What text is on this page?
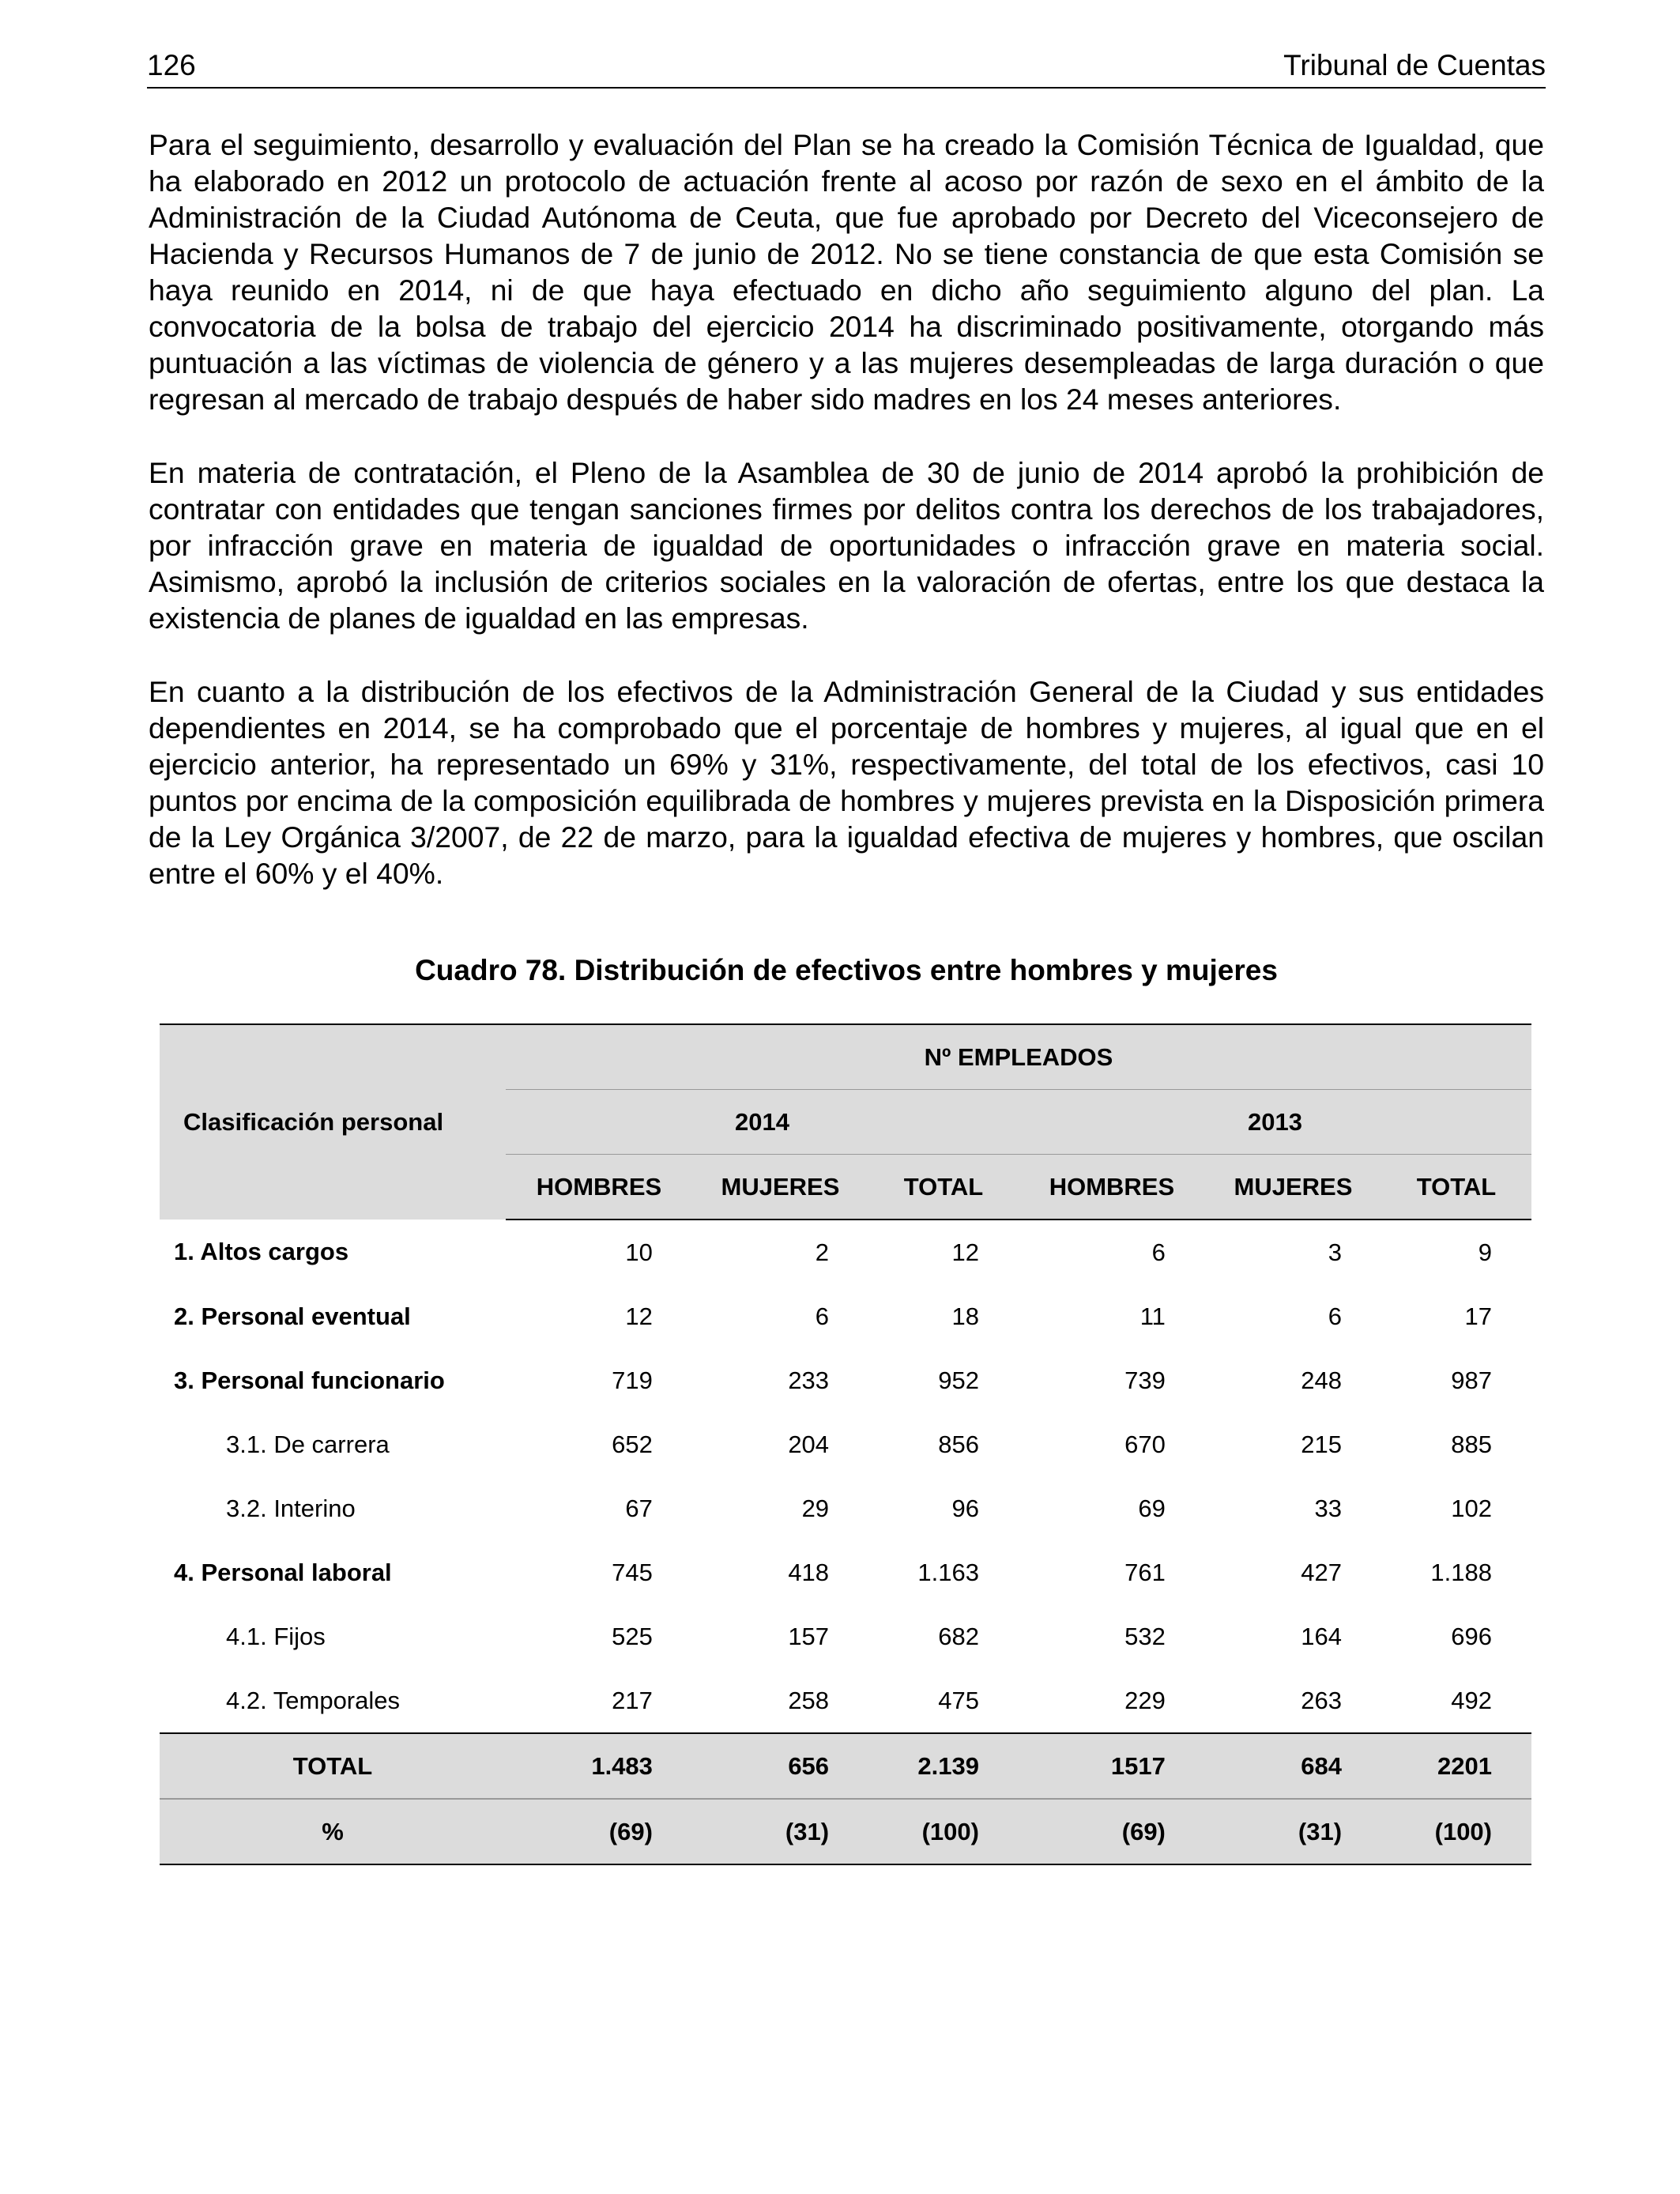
126	Tribunal de Cuentas

Para el seguimiento, desarrollo y evaluación del Plan se ha creado la Comisión Técnica de Igualdad, que ha elaborado en 2012 un protocolo de actuación frente al acoso por razón de sexo en el ámbito de la Administración de la Ciudad Autónoma de Ceuta, que fue aprobado por Decreto del Viceconsejero de Hacienda y Recursos Humanos de 7 de junio de 2012. No se tiene constancia de que esta Comisión se haya reunido en 2014, ni de que haya efectuado en dicho año seguimiento alguno del plan. La convocatoria de la bolsa de trabajo del ejercicio 2014 ha discriminado positivamente, otorgando más puntuación a las víctimas de violencia de género y a las mujeres desempleadas de larga duración o que regresan al mercado de trabajo después de haber sido madres en los 24 meses anteriores.

En materia de contratación, el Pleno de la Asamblea de 30 de junio de 2014 aprobó la prohibición de contratar con entidades que tengan sanciones firmes por delitos contra los derechos de los trabajadores, por infracción grave en materia de igualdad de oportunidades o infracción grave en materia social. Asimismo, aprobó la inclusión de criterios sociales en la valoración de ofertas, entre los que destaca la existencia de planes de igualdad en las empresas.

En cuanto a la distribución de los efectivos de la Administración General de la Ciudad y sus entidades dependientes en 2014, se ha comprobado que el porcentaje de hombres y mujeres, al igual que en el ejercicio anterior, ha representado un 69% y 31%, respectivamente, del total de los efectivos, casi 10 puntos por encima de la composición equilibrada de hombres y mujeres prevista en la Disposición primera de la Ley Orgánica 3/2007, de 22 de marzo, para la igualdad efectiva de mujeres y hombres, que oscilan entre el 60% y el 40%.

Cuadro 78. Distribución de efectivos entre hombres y mujeres
Clasificación personal	Nº EMPLEADOS					
	2014			2013		
	HOMBRES	MUJERES	TOTAL	HOMBRES	MUJERES	TOTAL
1. Altos cargos	10	2	12	6	3	9
2. Personal eventual	12	6	18	11	6	17
3. Personal funcionario	719	233	952	739	248	987
3.1. De carrera	652	204	856	670	215	885
3.2. Interino	67	29	96	69	33	102
4. Personal laboral	745	418	1.163	761	427	1.188
4.1. Fijos	525	157	682	532	164	696
4.2. Temporales	217	258	475	229	263	492
TOTAL	1.483	656	2.139	1517	684	2201
%	(69)	(31)	(100)	(69)	(31)	(100)
